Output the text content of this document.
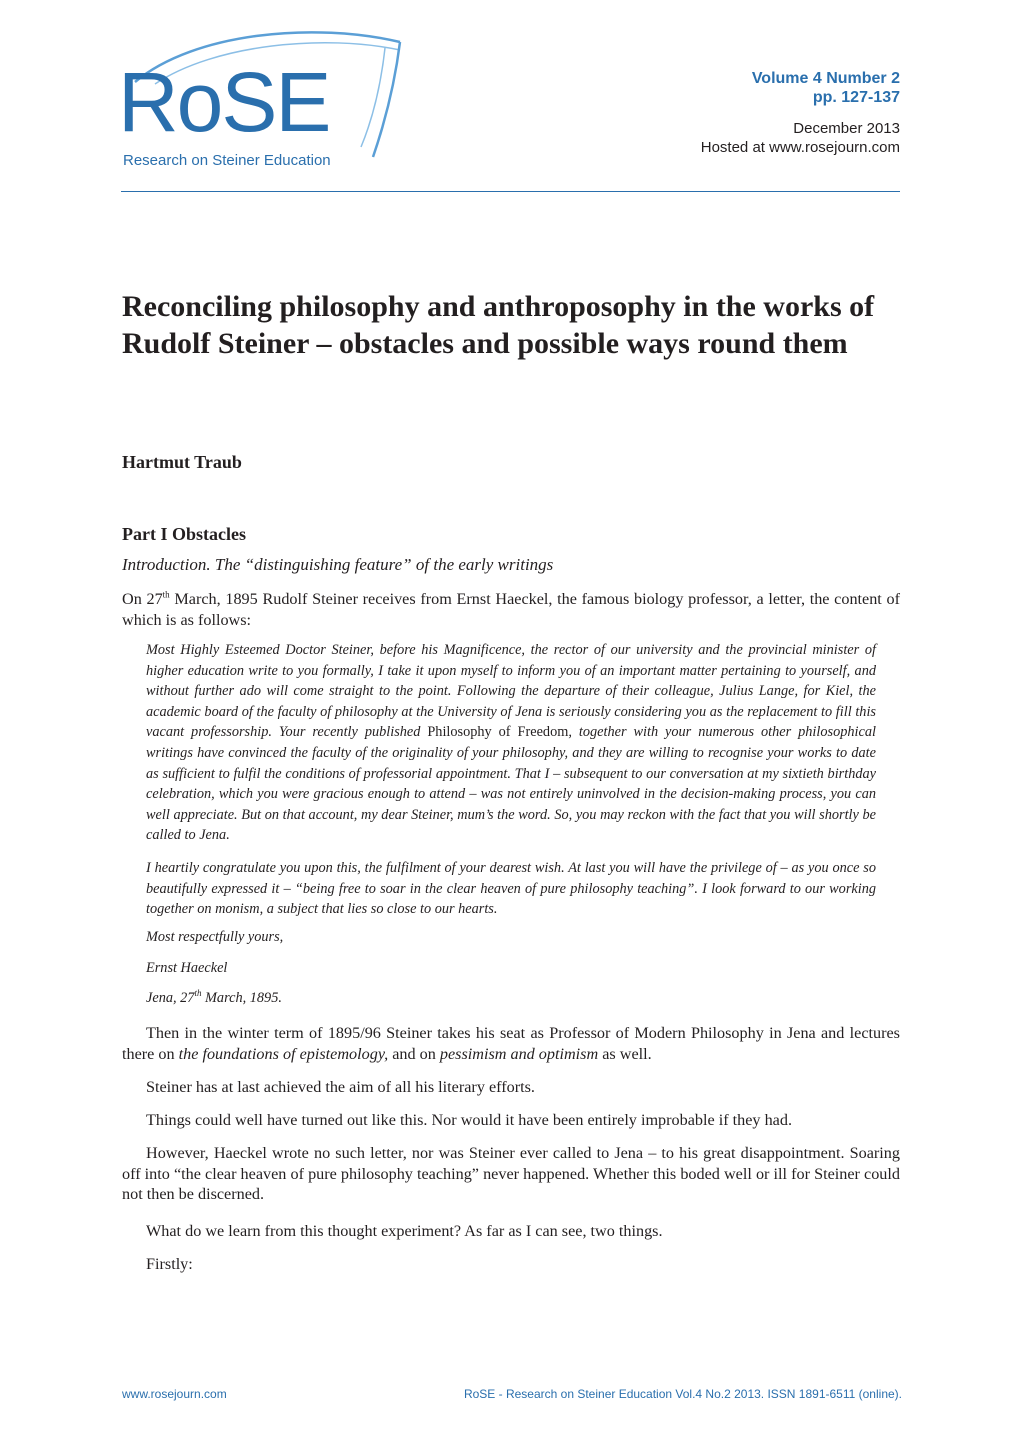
RoSE
Research on Steiner Education
Volume 4 Number 2
pp. 127-137
December 2013
Hosted at www.rosejourn.com
Reconciling philosophy and anthroposophy in the works of Rudolf Steiner – obstacles and possible ways round them
Hartmut Traub
Part I Obstacles
Introduction. The “distinguishing feature” of the early writings
On 27th March, 1895 Rudolf Steiner receives from Ernst Haeckel, the famous biology professor, a letter, the content of which is as follows:
Most Highly Esteemed Doctor Steiner, before his Magnificence, the rector of our university and the provincial minister of higher education write to you formally, I take it upon myself to inform you of an important matter pertaining to yourself, and without further ado will come straight to the point. Following the departure of their colleague, Julius Lange, for Kiel, the academic board of the faculty of philosophy at the University of Jena is seriously considering you as the replacement to fill this vacant professorship. Your recently published Philosophy of Freedom, together with your numerous other philosophical writings have convinced the faculty of the originality of your philosophy, and they are willing to recognise your works to date as sufficient to fulfil the conditions of professorial appointment. That I – subsequent to our conversation at my sixtieth birthday celebration, which you were gracious enough to attend – was not entirely uninvolved in the decision-making process, you can well appreciate. But on that account, my dear Steiner, mum’s the word. So, you may reckon with the fact that you will shortly be called to Jena.
I heartily congratulate you upon this, the fulfilment of your dearest wish. At last you will have the privilege of – as you once so beautifully expressed it – “being free to soar in the clear heaven of pure philosophy teaching”. I look forward to our working together on monism, a subject that lies so close to our hearts.
Most respectfully yours,
Ernst Haeckel
Jena, 27th March, 1895.
Then in the winter term of 1895/96 Steiner takes his seat as Professor of Modern Philosophy in Jena and lectures there on the foundations of epistemology, and on pessimism and optimism as well.
Steiner has at last achieved the aim of all his literary efforts.
Things could well have turned out like this. Nor would it have been entirely improbable if they had.
However, Haeckel wrote no such letter, nor was Steiner ever called to Jena – to his great disappointment. Soaring off into “the clear heaven of pure philosophy teaching” never happened. Whether this boded well or ill for Steiner could not then be discerned.
What do we learn from this thought experiment? As far as I can see, two things.
Firstly:
www.rosejourn.com	RoSE - Research on Steiner Education Vol.4 No.2 2013. ISSN 1891-6511 (online).
